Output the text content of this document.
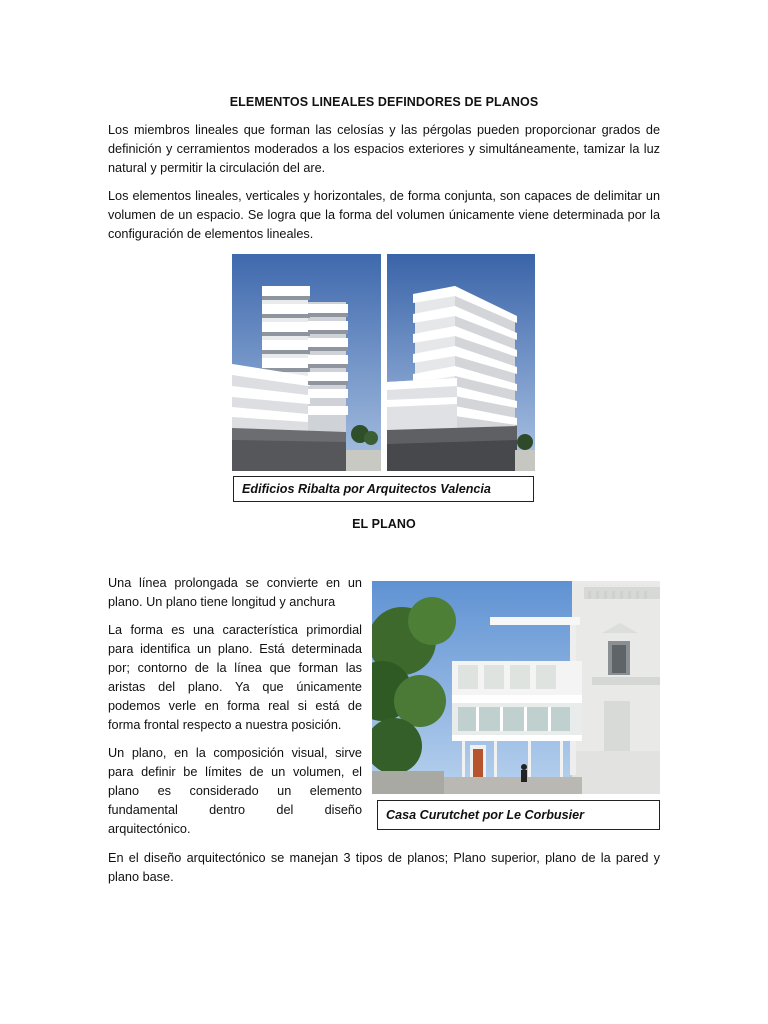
ELEMENTOS LINEALES DEFINDORES DE PLANOS

Los miembros lineales que forman las celosías y las pérgolas pueden proporcionar grados de definición y cerramientos moderados a los espacios exteriores y simultáneamente, tamizar la luz natural y permitir la circulación del are.

Los elementos lineales, verticales y horizontales, de forma conjunta, son capaces de delimitar un volumen de un espacio. Se logra que la forma del volumen únicamente viene determinada por la configuración de elementos lineales.

Edificios Ribalta por Arquitectos Valencia
EL PLANO

Una línea prolongada se convierte en un plano. Un plano tiene longitud y anchura

La forma es una característica primordial para identifica un plano. Está determinada por; contorno de la línea que forman las aristas del plano. Ya que únicamente podemos verle en forma real si está de forma frontal respecto a nuestra posición.

Un plano, en la composición visual, sirve para definir be límites de un volumen, el plano es considerado un elemento fundamental dentro del diseño arquitectónico.

Casa Curutchet por Le Corbusier

En el diseño arquitectónico se manejan 3 tipos de planos; Plano superior, plano de la pared y plano base.
